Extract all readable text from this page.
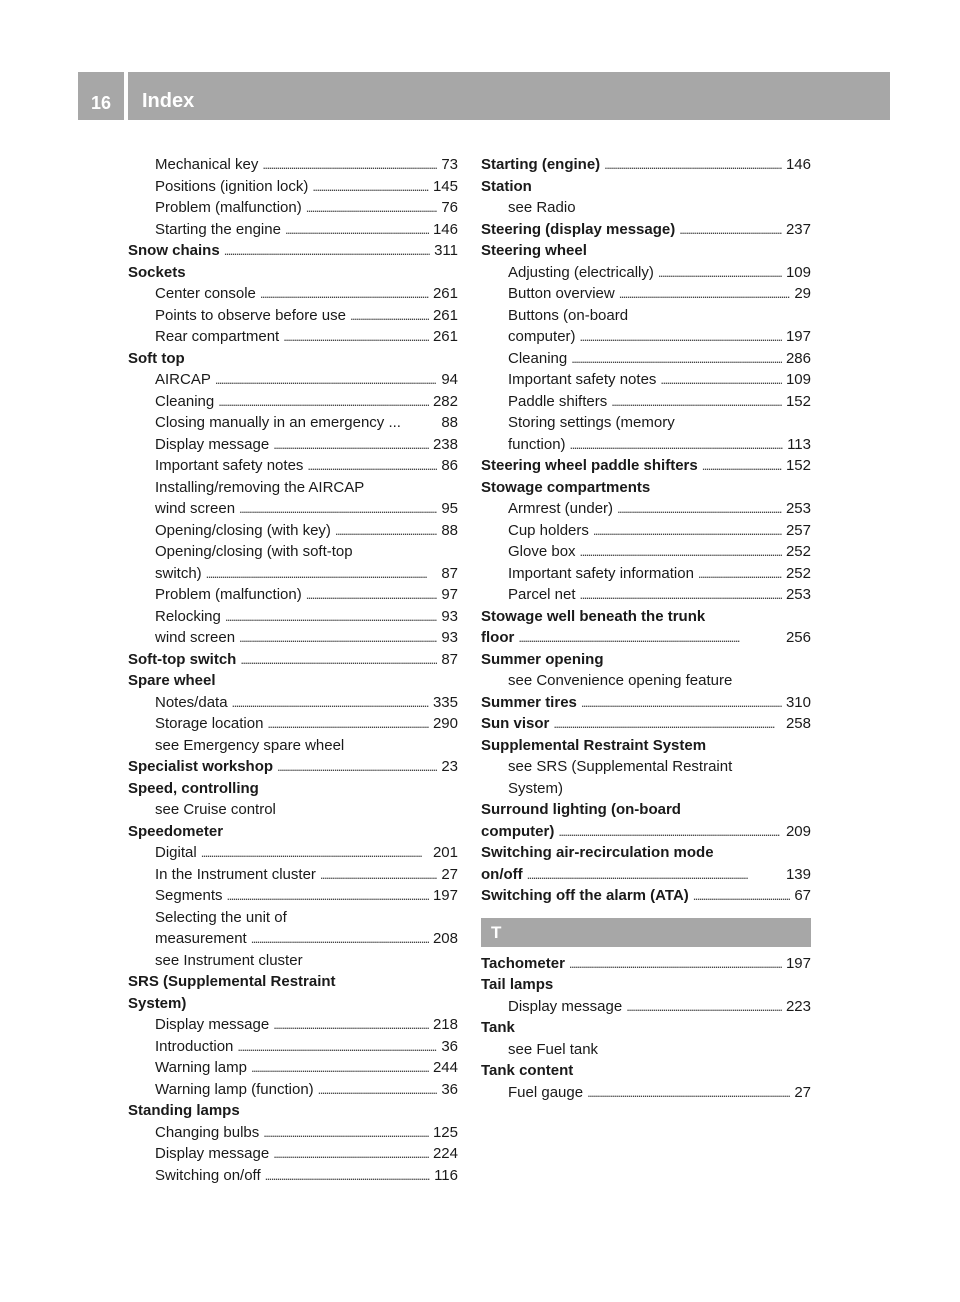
16 Index
Mechanical key . . .	73
Positions (ignition lock) . . .	145
Problem (malfunction) . . .	76
Starting the engine . . .	146
Snow chains . . .	311
Sockets
Center console . . .	261
Points to observe before use . . .	261
Rear compartment . . .	261
Soft top
AIRCAP . . .	94
Cleaning . . .	282
Closing manually in an emergency ...	88
Display message . . .	238
Important safety notes . . .	86
Installing/removing the AIRCAP
wind screen . . .	95
Opening/closing (with key) . . .	88
Opening/closing (with soft-top
switch) . . .	87
Problem (malfunction) . . .	97
Relocking . . .	93
wind screen . . .	93
Soft-top switch . . .	87
Spare wheel
Notes/data . . .	335
Storage location . . .	290
see Emergency spare wheel
Specialist workshop . . .	23
Speed, controlling
see Cruise control
Speedometer
Digital . . .	201
In the Instrument cluster . . .	27
Segments . . .	197
Selecting the unit of
measurement . . .	208
see Instrument cluster
SRS (Supplemental Restraint
System)
Display message . . .	218
Introduction . . .	36
Warning lamp . . .	244
Warning lamp (function) . . .	36
Standing lamps
Changing bulbs . . .	125
Display message . . .	224
Switching on/off . . .	116
Starting (engine) . . .	146
Station
see Radio
Steering (display message) . . .	237
Steering wheel
Adjusting (electrically) . . .	109
Button overview . . .	29
Buttons (on-board
computer) . . .	197
Cleaning . . .	286
Important safety notes . . .	109
Paddle shifters . . .	152
Storing settings (memory
function) . . .	113
Steering wheel paddle shifters . . .	152
Stowage compartments
Armrest (under) . . .	253
Cup holders . . .	257
Glove box . . .	252
Important safety information . . .	252
Parcel net . . .	253
Stowage well beneath the trunk
floor . . .	256
Summer opening
see Convenience opening feature
Summer tires . . .	310
Sun visor . . .	258
Supplemental Restraint System
see SRS (Supplemental Restraint
System)
Surround lighting (on-board
computer) . . .	209
Switching air-recirculation mode
on/off . . .	139
Switching off the alarm (ATA) . . .	67
T
Tachometer . . .	197
Tail lamps
Display message . . .	223
Tank
see Fuel tank
Tank content
Fuel gauge . . .	27
